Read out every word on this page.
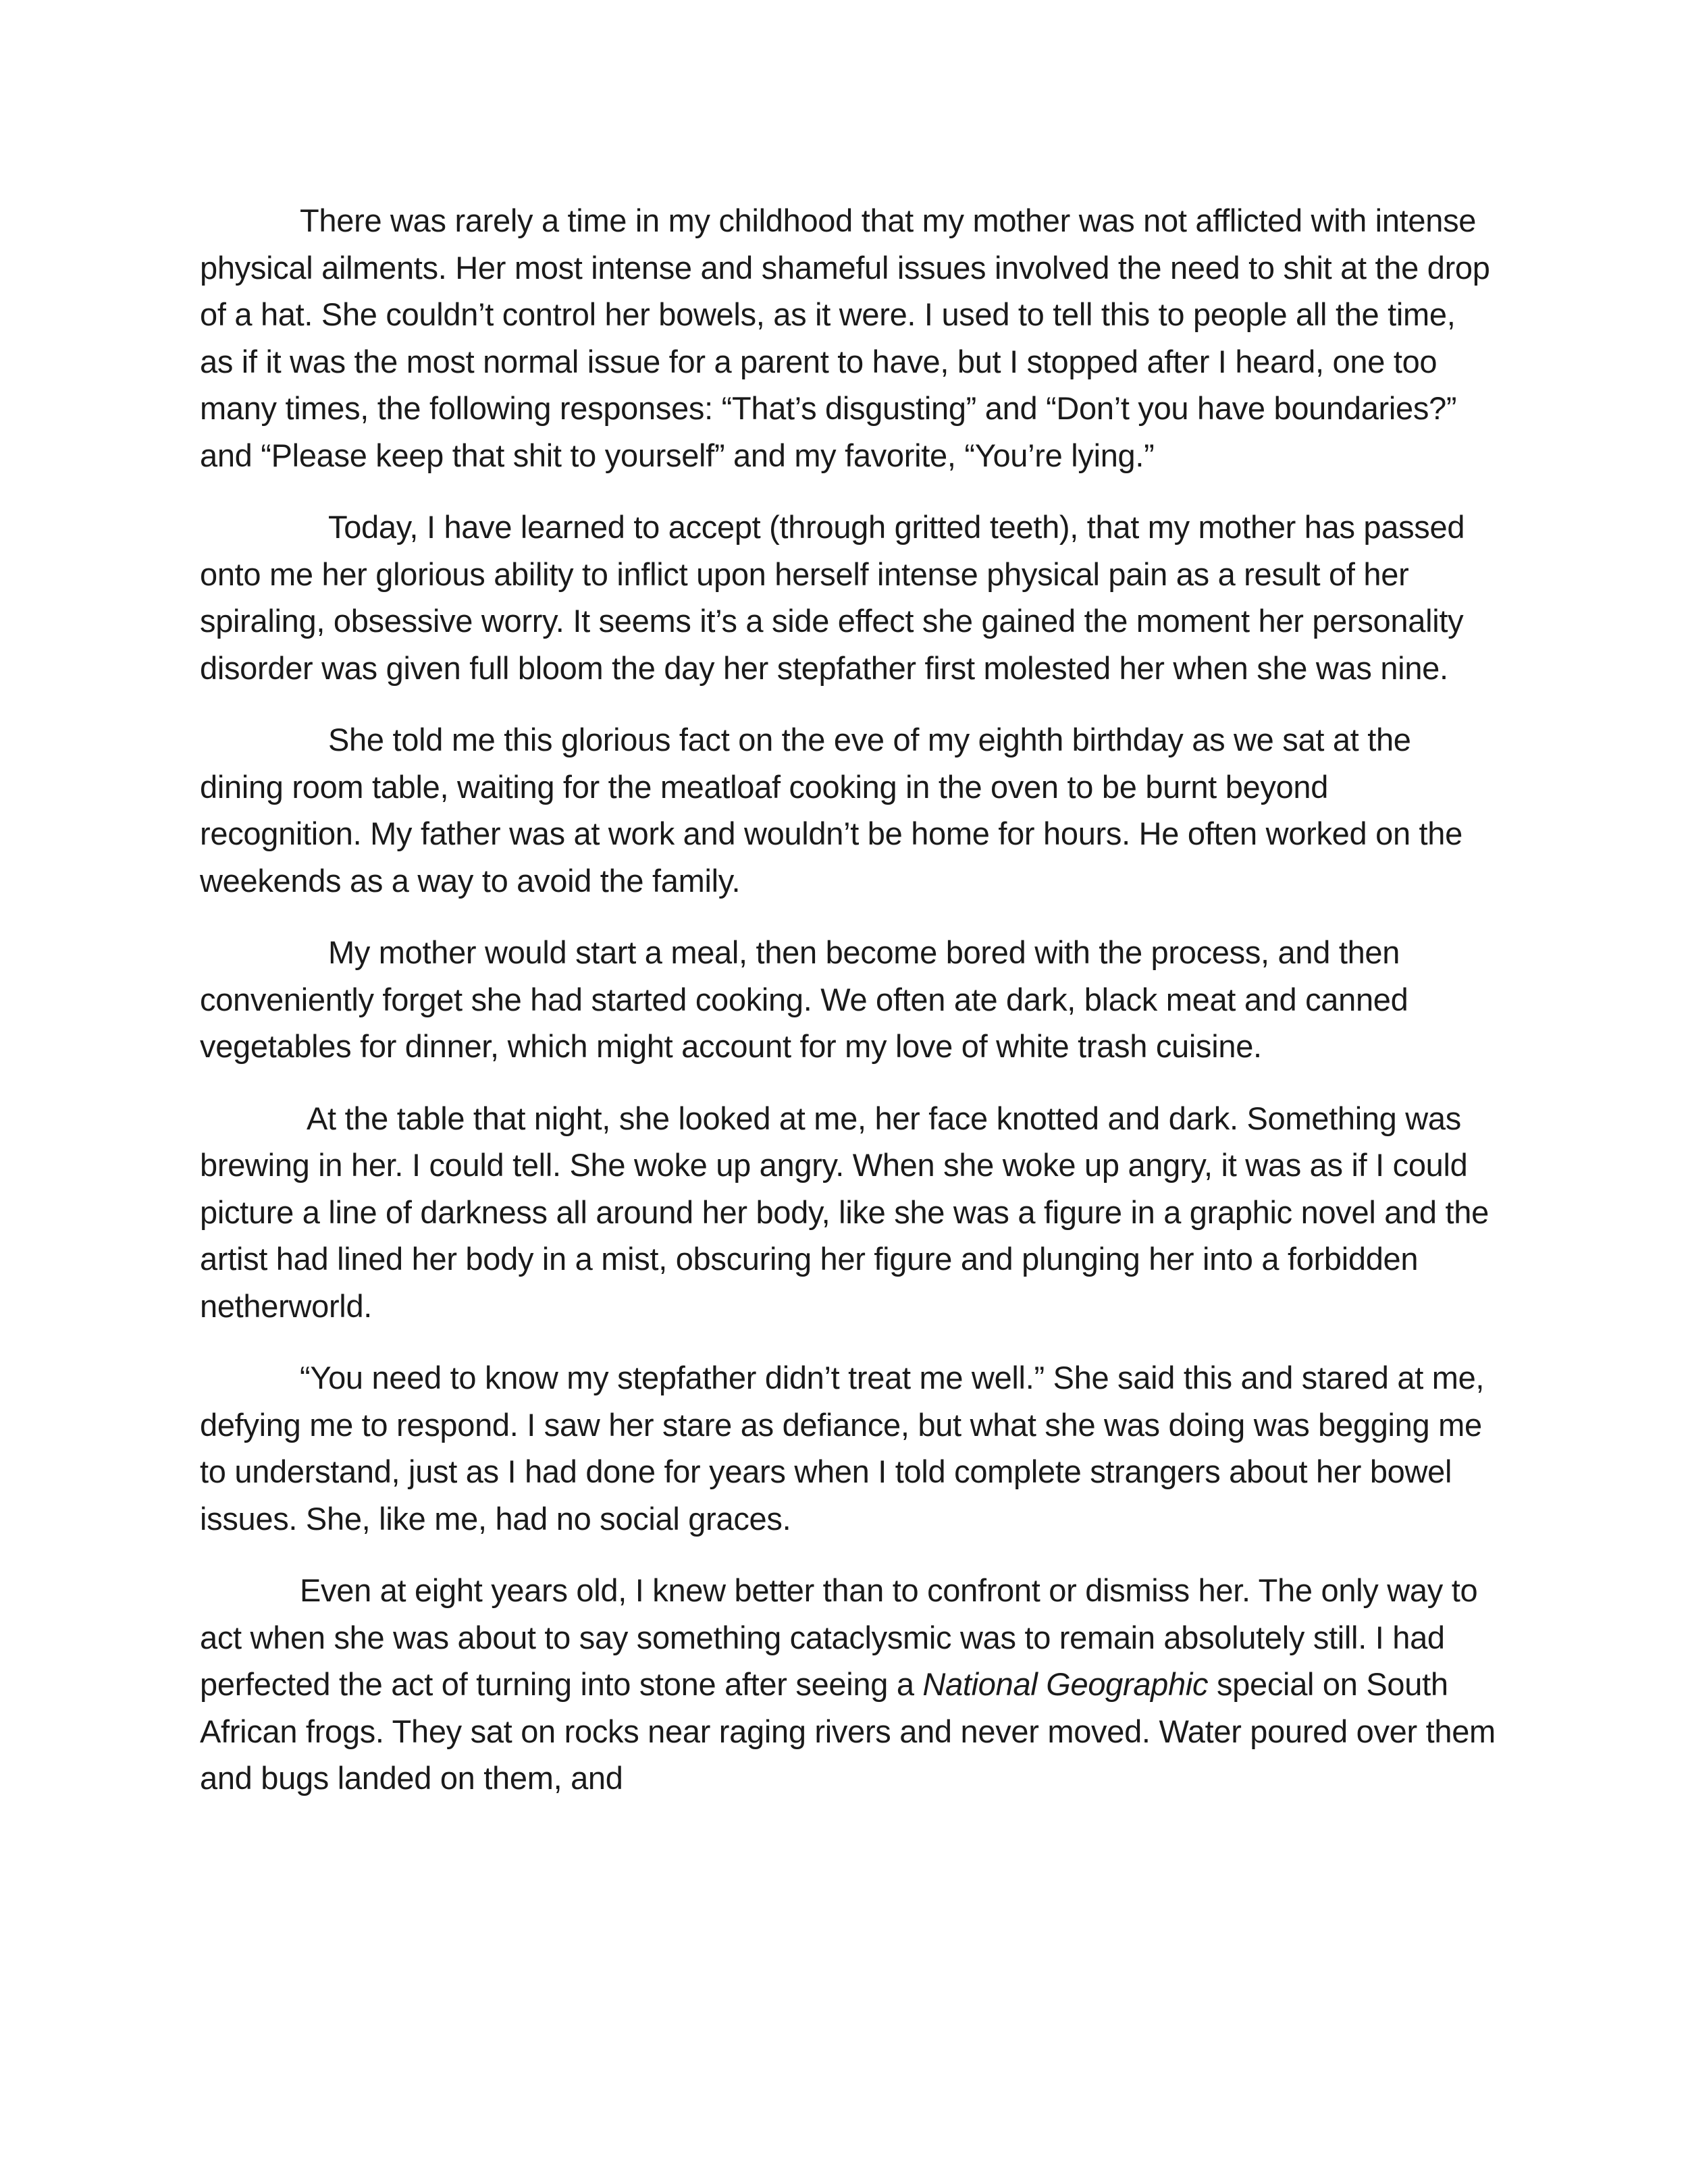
There was rarely a time in my childhood that my mother was not afflicted with intense physical ailments. Her most intense and shameful issues involved the need to shit at the drop of a hat. She couldn’t control her bowels, as it were. I used to tell this to people all the time, as if it was the most normal issue for a parent to have, but I stopped after I heard, one too many times, the following responses: “That’s disgusting” and “Don’t you have boundaries?” and “Please keep that shit to yourself” and my favorite, “You’re lying.”

Today, I have learned to accept (through gritted teeth), that my mother has passed onto me her glorious ability to inflict upon herself intense physical pain as a result of her spiraling, obsessive worry. It seems it’s a side effect she gained the moment her personality disorder was given full bloom the day her stepfather first molested her when she was nine.

She told me this glorious fact on the eve of my eighth birthday as we sat at the dining room table, waiting for the meatloaf cooking in the oven to be burnt beyond recognition. My father was at work and wouldn’t be home for hours. He often worked on the weekends as a way to avoid the family.

My mother would start a meal, then become bored with the process, and then conveniently forget she had started cooking. We often ate dark, black meat and canned vegetables for dinner, which might account for my love of white trash cuisine.

At the table that night, she looked at me, her face knotted and dark. Something was brewing in her. I could tell. She woke up angry. When she woke up angry, it was as if I could picture a line of darkness all around her body, like she was a figure in a graphic novel and the artist had lined her body in a mist, obscuring her figure and plunging her into a forbidden netherworld.

“You need to know my stepfather didn’t treat me well.” She said this and stared at me, defying me to respond. I saw her stare as defiance, but what she was doing was begging me to understand, just as I had done for years when I told complete strangers about her bowel issues. She, like me, had no social graces.

Even at eight years old, I knew better than to confront or dismiss her. The only way to act when she was about to say something cataclysmic was to remain absolutely still. I had perfected the act of turning into stone after seeing a National Geographic special on South African frogs. They sat on rocks near raging rivers and never moved. Water poured over them and bugs landed on them, and
